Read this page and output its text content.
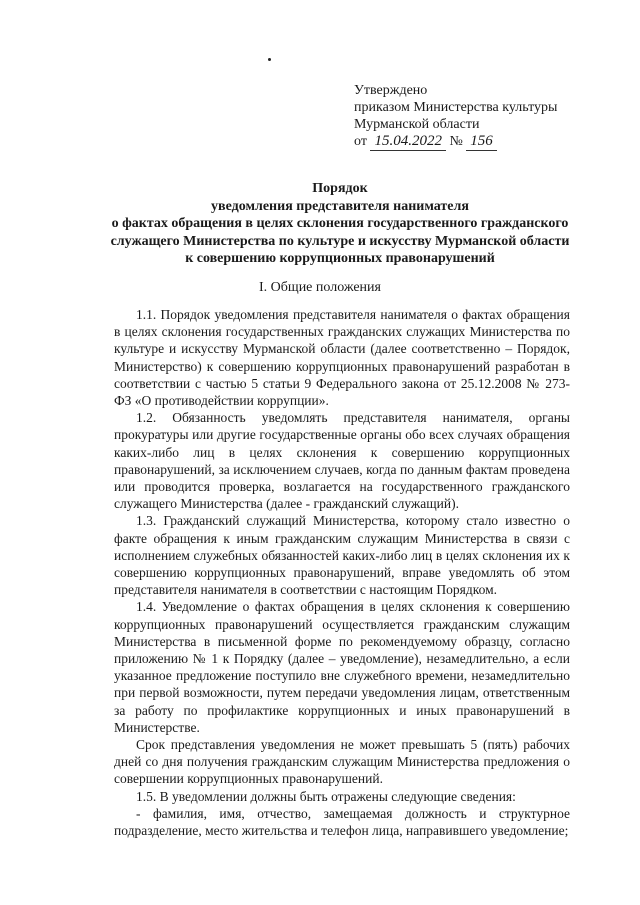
Утверждено
приказом Министерства культуры
Мурманской области
от 15.04.2022 № 156
Порядок
уведомления представителя нанимателя
о фактах обращения в целях склонения государственного гражданского
служащего Министерства по культуре и искусству Мурманской области
к совершению коррупционных правонарушений
I. Общие положения

1.1. Порядок уведомления представителя нанимателя о фактах обращения в целях склонения государственных гражданских служащих Министерства по культуре и искусству Мурманской области (далее соответственно – Порядок, Министерство) к совершению коррупционных правонарушений разработан в соответствии с частью 5 статьи 9 Федерального закона от 25.12.2008 № 273-ФЗ «О противодействии коррупции».

1.2. Обязанность уведомлять представителя нанимателя, органы прокуратуры или другие государственные органы обо всех случаях обращения каких-либо лиц в целях склонения к совершению коррупционных правонарушений, за исключением случаев, когда по данным фактам проведена или проводится проверка, возлагается на государственного гражданского служащего Министерства (далее - гражданский служащий).

1.3. Гражданский служащий Министерства, которому стало известно о факте обращения к иным гражданским служащим Министерства в связи с исполнением служебных обязанностей каких-либо лиц в целях склонения их к совершению коррупционных правонарушений, вправе уведомлять об этом представителя нанимателя в соответствии с настоящим Порядком.

1.4. Уведомление о фактах обращения в целях склонения к совершению коррупционных правонарушений осуществляется гражданским служащим Министерства в письменной форме по рекомендуемому образцу, согласно приложению № 1 к Порядку (далее – уведомление), незамедлительно, а если указанное предложение поступило вне служебного времени, незамедлительно при первой возможности, путем передачи уведомления лицам, ответственным за работу по профилактике коррупционных и иных правонарушений в Министерстве.

Срок представления уведомления не может превышать 5 (пять) рабочих дней со дня получения гражданским служащим Министерства предложения о совершении коррупционных правонарушений.

1.5. В уведомлении должны быть отражены следующие сведения:

- фамилия, имя, отчество, замещаемая должность и структурное подразделение, место жительства и телефон лица, направившего уведомление;
